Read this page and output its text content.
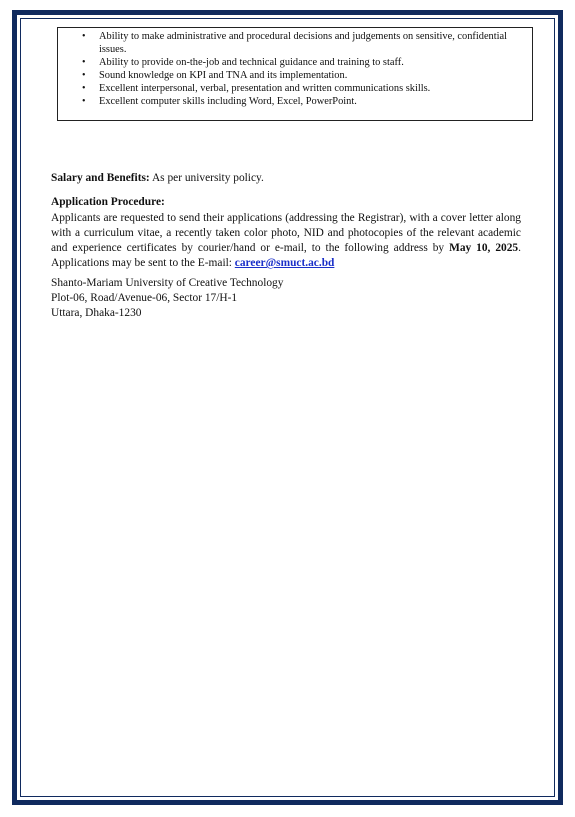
• Ability to make administrative and procedural decisions and judgements on sensitive, confidential issues.
• Ability to provide on-the-job and technical guidance and training to staff.
• Sound knowledge on KPI and TNA and its implementation.
• Excellent interpersonal, verbal, presentation and written communications skills.
• Excellent computer skills including Word, Excel, PowerPoint.

Salary and Benefits: As per university policy.

Application Procedure:

Applicants are requested to send their applications (addressing the Registrar), with a cover letter along with a curriculum vitae, a recently taken color photo, NID and photocopies of the relevant academic and experience certificates by courier/hand or e-mail, to the following address by May 10, 2025. Applications may be sent to the E-mail: career@smuct.ac.bd

Shanto-Mariam University of Creative Technology
Plot-06, Road/Avenue-06, Sector 17/H-1
Uttara, Dhaka-1230
